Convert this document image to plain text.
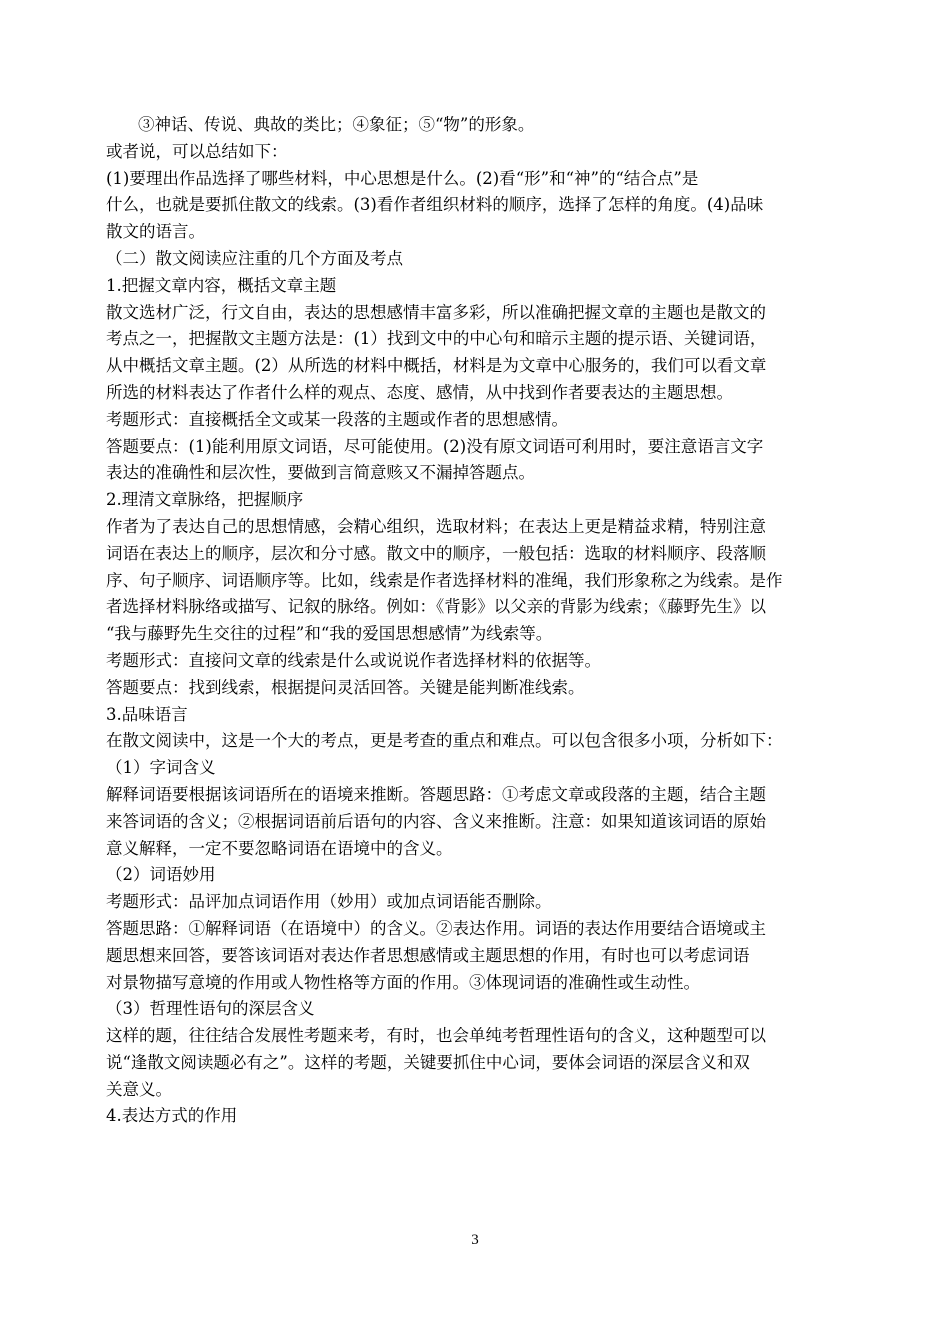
③神话、传说、典故的类比；④象征；⑤“物”的形象。
或者说，可以总结如下：
(1)要理出作品选择了哪些材料，中心思想是什么。(2)看“形”和“神”的“结合点”是
什么，也就是要抓住散文的线索。(3)看作者组织材料的顺序，选择了怎样的角度。(4)品味
散文的语言。
（二）散文阅读应注重的几个方面及考点
1.把握文章内容，概括文章主题
散文选材广泛，行文自由，表达的思想感情丰富多彩，所以准确把握文章的主题也是散文的
考点之一，把握散文主题方法是：(1）找到文中的中心句和暗示主题的提示语、关键词语，
从中概括文章主题。(2）从所选的材料中概括，材料是为文章中心服务的，我们可以看文章
所选的材料表达了作者什么样的观点、态度、感情，从中找到作者要表达的主题思想。
考题形式：直接概括全文或某一段落的主题或作者的思想感情。
答题要点：(1)能利用原文词语，尽可能使用。(2)没有原文词语可利用时，要注意语言文字
表达的准确性和层次性，要做到言简意赅又不漏掉答题点。
2.理清文章脉络，把握顺序
作者为了表达自己的思想情感，会精心组织，选取材料；在表达上更是精益求精，特别注意
词语在表达上的顺序，层次和分寸感。散文中的顺序，一般包括：选取的材料顺序、段落顺
序、句子顺序、词语顺序等。比如，线索是作者选择材料的准绳，我们形象称之为线索。是作
者选择材料脉络或描写、记叙的脉络。例如：《背影》以父亲的背影为线索；《藤野先生》以
“我与藤野先生交往的过程”和“我的爱国思想感情”为线索等。
考题形式：直接问文章的线索是什么或说说作者选择材料的依据等。
答题要点：找到线索，根据提问灵活回答。关键是能判断准线索。
3.品味语言
在散文阅读中，这是一个大的考点，更是考查的重点和难点。可以包含很多小项，分析如下：
（1）字词含义
解释词语要根据该词语所在的语境来推断。答题思路：①考虑文章或段落的主题，结合主题
来答词语的含义；②根据词语前后语句的内容、含义来推断。注意：如果知道该词语的原始
意义解释，一定不要忽略词语在语境中的含义。
（2）词语妙用
考题形式：品评加点词语作用（妙用）或加点词语能否删除。
答题思路：①解释词语（在语境中）的含义。②表达作用。词语的表达作用要结合语境或主
题思想来回答，要答该词语对表达作者思想感情或主题思想的作用，有时也可以考虑词语
对景物描写意境的作用或人物性格等方面的作用。③体现词语的准确性或生动性。
（3）哲理性语句的深层含义
这样的题，往往结合发展性考题来考，有时，也会单纯考哲理性语句的含义，这种题型可以
说“逢散文阅读题必有之”。这样的考题，关键要抓住中心词，要体会词语的深层含义和双
关意义。
4.表达方式的作用
3
